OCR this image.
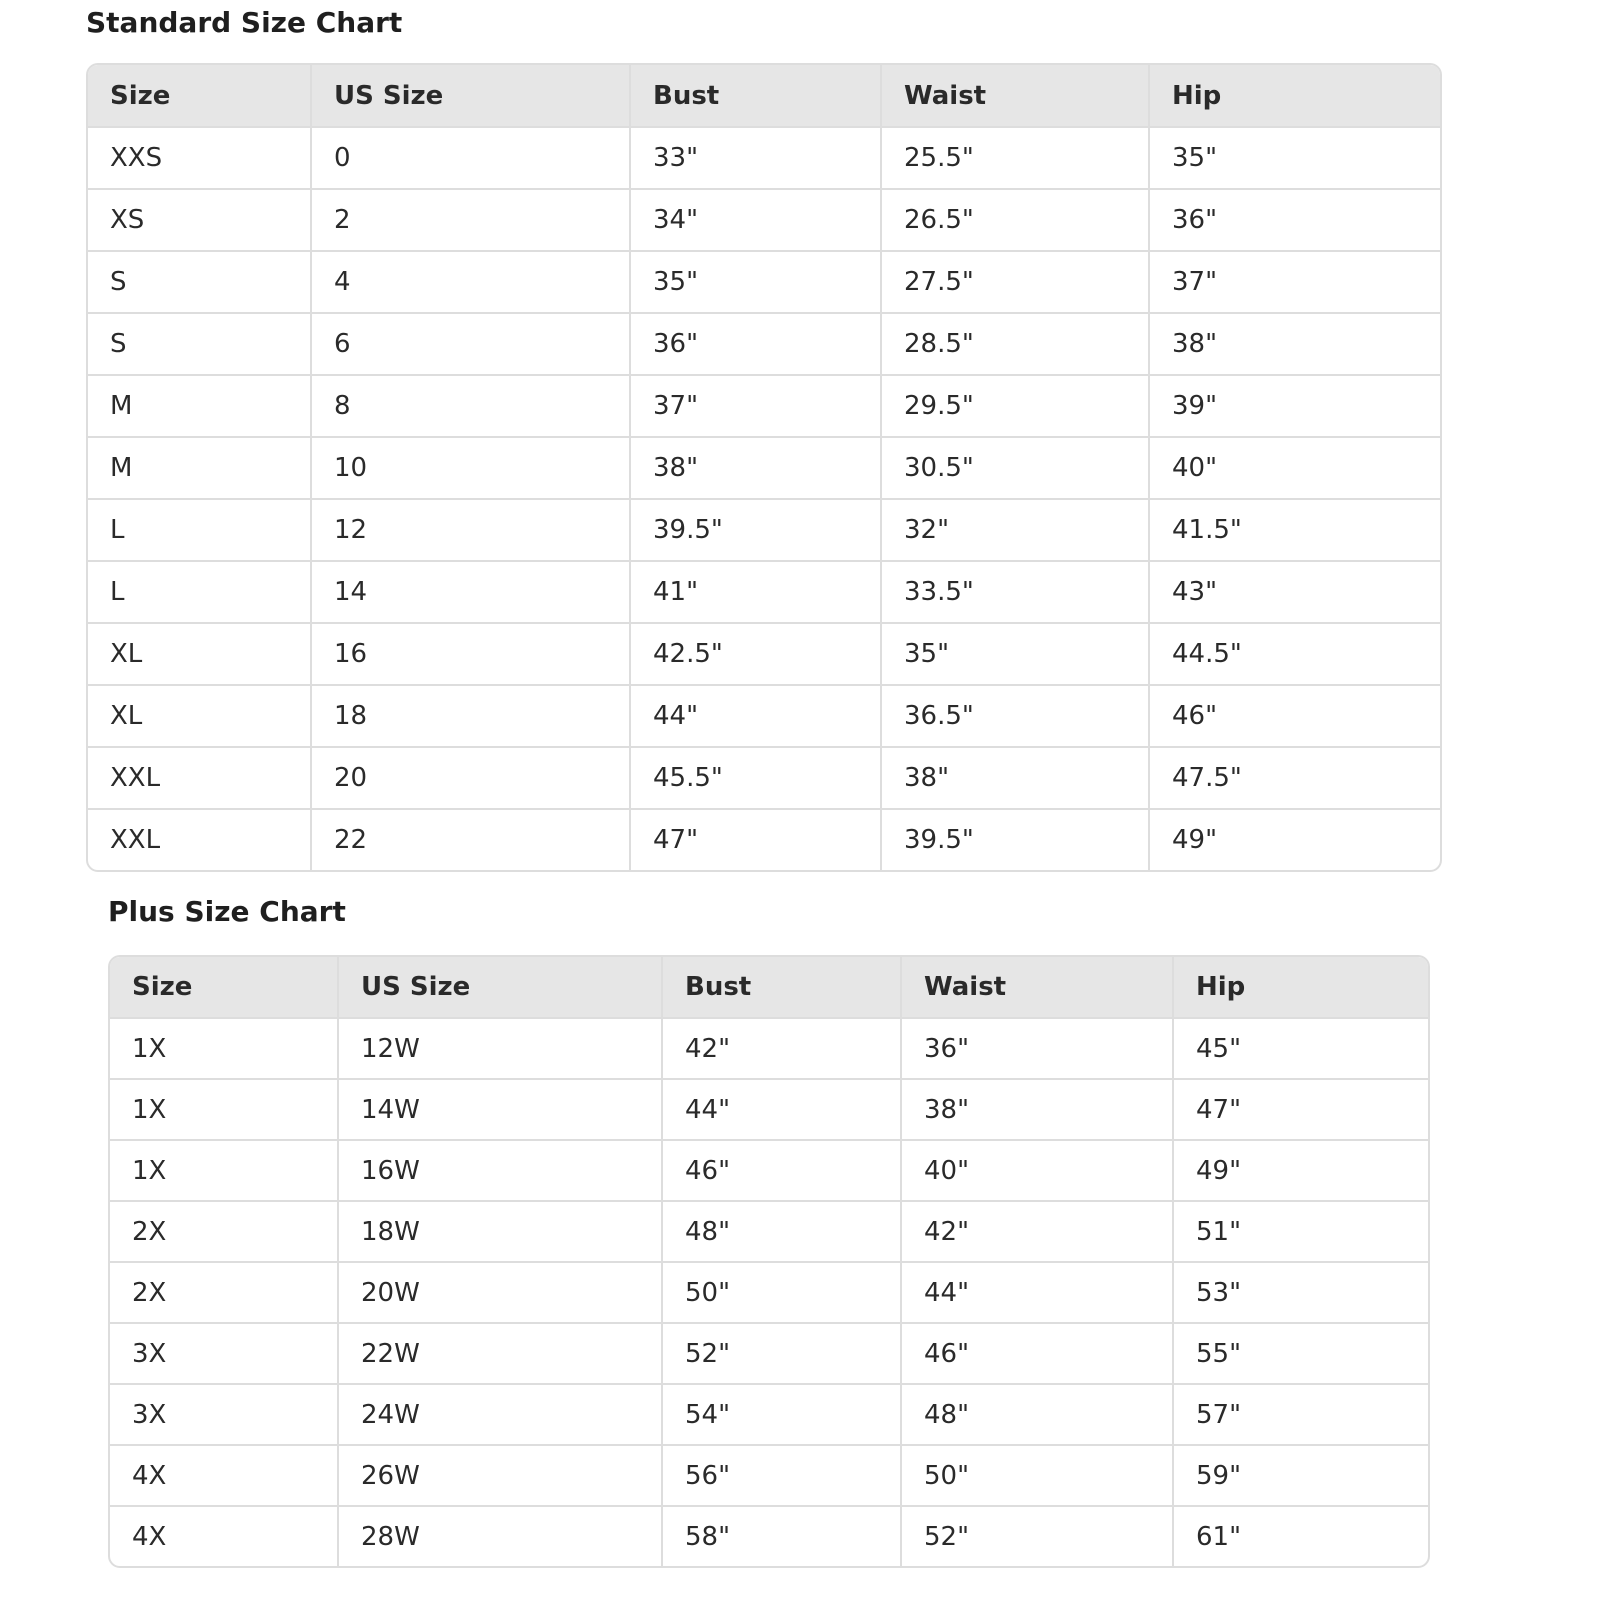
Standard Size Chart
Size	US Size	Bust	Waist	Hip
XXS	0	33"	25.5"	35"
XS	2	34"	26.5"	36"
S	4	35"	27.5"	37"
S	6	36"	28.5"	38"
M	8	37"	29.5"	39"
M	10	38"	30.5"	40"
L	12	39.5"	32"	41.5"
L	14	41"	33.5"	43"
XL	16	42.5"	35"	44.5"
XL	18	44"	36.5"	46"
XXL	20	45.5"	38"	47.5"
XXL	22	47"	39.5"	49"
Plus Size Chart
Size	US Size	Bust	Waist	Hip
1X	12W	42"	36"	45"
1X	14W	44"	38"	47"
1X	16W	46"	40"	49"
2X	18W	48"	42"	51"
2X	20W	50"	44"	53"
3X	22W	52"	46"	55"
3X	24W	54"	48"	57"
4X	26W	56"	50"	59"
4X	28W	58"	52"	61"
